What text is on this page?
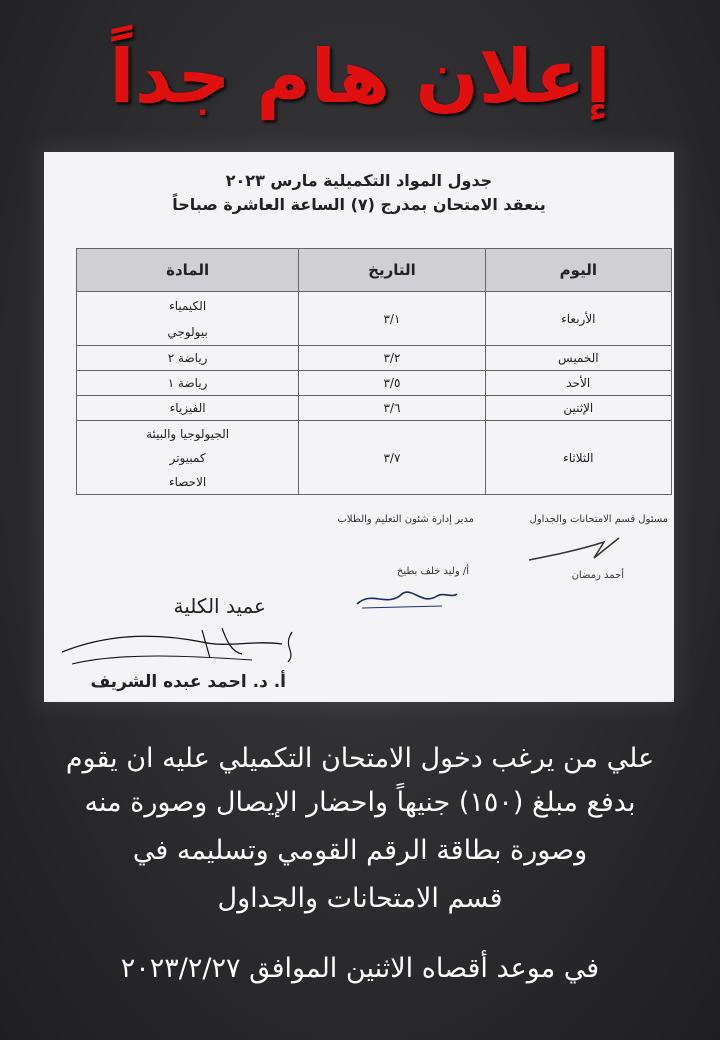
إعلان هام جداً
جدول المواد التكميلية مارس ٢٠٢٣
ينعقد الامتحان بمدرج (٧) الساعة العاشرة صباحاً
اليوم	التاريخ	المادة
الأربعاء	٣/١	الكيمياء
بيولوجي

الخميس	٣/٢	رياضة ٢

الأحد	٣/٥	رياضة ١

الإثنين	٣/٦	الفيزياء

الثلاثاء	٣/٧	الجيولوجيا والبيئة
كمبيوتر
الاحصاء
مسئول قسم الامتحانات والجداول
أحمد رمضان
مدير إدارة شئون التعليم والطلاب
أ/ وليد خلف بطيخ
عميد الكلية
أ. د. احمد عبده الشريف
علي من يرغب دخول الامتحان التكميلي عليه ان يقوم
بدفع مبلغ (١٥٠) جنيهاً واحضار الإيصال وصورة منه
وصورة بطاقة الرقم القومي وتسليمه في
قسم الامتحانات والجداول
في موعد أقصاه الاثنين الموافق ٢٠٢٣/٢/٢٧
